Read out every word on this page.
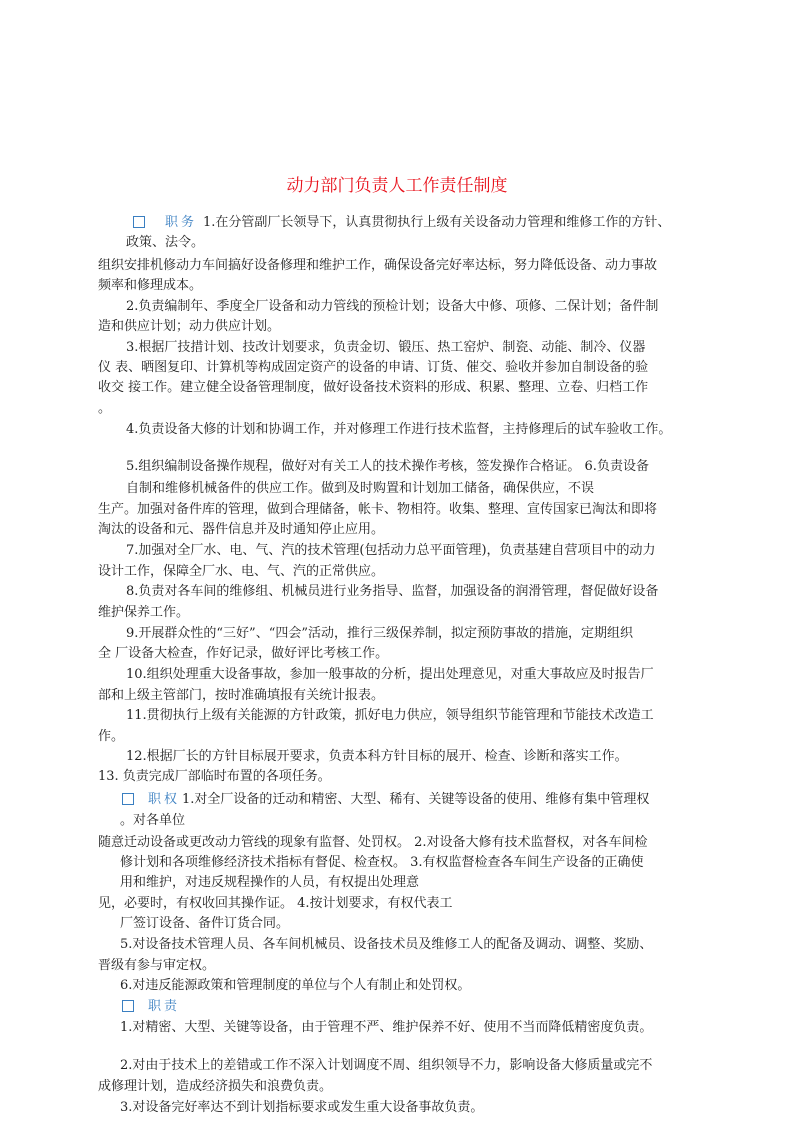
动力部门负责人工作责任制度
职务
职权
职责

1.在分管副厂长领导下，认真贯彻执行上级有关设备动力管理和维修工作的方针、

政策、法令。

组织安排机修动力车间搞好设备修理和维护工作，确保设备完好率达标，努力降低设备、动力事故

频率和修理成本。

2.负责编制年、季度全厂设备和动力管线的预检计划；设备大中修、项修、二保计划；备件制

造和供应计划；动力供应计划。

3.根据厂技措计划、技改计划要求，负责金切、锻压、热工窑炉、制瓷、动能、制冷、仪器

仪 表、晒图复印、计算机等构成固定资产的设备的申请、订货、催交、验收并参加自制设备的验

收交 接工作。建立健全设备管理制度，做好设备技术资料的形成、积累、整理、立卷、归档工作

。

4.负责设备大修的计划和协调工作，并对修理工作进行技术监督，主持修理后的试车验收工作。

5.组织编制设备操作规程，做好对有关工人的技术操作考核，签发操作合格证。 6.负责设备

自制和维修机械备件的供应工作。做到及时购置和计划加工储备，确保供应，不误

生产。加强对备件库的管理，做到合理储备，帐卡、物相符。收集、整理、宣传国家已淘汰和即将

淘汰的设备和元、器件信息并及时通知停止应用。

7.加强对全厂水、电、气、汽的技术管理(包括动力总平面管理)，负责基建自营项目中的动力

设计工作，保障全厂水、电、气、汽的正常供应。

8.负责对各车间的维修组、机械员进行业务指导、监督，加强设备的润滑管理，督促做好设备

维护保养工作。

9.开展群众性的“三好”、“四会”活动，推行三级保养制，拟定预防事故的措施，定期组织

全 厂设备大检查，作好记录，做好评比考核工作。

10.组织处理重大设备事故，参加一般事故的分析，提出处理意见，对重大事故应及时报告厂

部和上级主管部门，按时准确填报有关统计报表。

11.贯彻执行上级有关能源的方针政策，抓好电力供应，领导组织节能管理和节能技术改造工

作。

12.根据厂长的方针目标展开要求，负责本科方针目标的展开、检查、诊断和落实工作。

13. 负责完成厂部临时布置的各项任务。

1.对全厂设备的迁动和精密、大型、稀有、关键等设备的使用、维修有集中管理权

。对各单位

随意迁动设备或更改动力管线的现象有监督、处罚权。 2.对设备大修有技术监督权，对各车间检

修计划和各项维修经济技术指标有督促、检查权。 3.有权监督检查各车间生产设备的正确使

用和维护，对违反规程操作的人员，有权提出处理意

见，必要时，有权收回其操作证。 4.按计划要求，有权代表工

厂签订设备、备件订货合同。

5.对设备技术管理人员、各车间机械员、设备技术员及维修工人的配备及调动、调整、奖励、

晋级有参与审定权。

6.对违反能源政策和管理制度的单位与个人有制止和处罚权。

1.对精密、大型、关键等设备，由于管理不严、维护保养不好、使用不当而降低精密度负责。

2.对由于技术上的差错或工作不深入计划调度不周、组织领导不力，影响设备大修质量或完不

成修理计划，造成经济损失和浪费负责。

3.对设备完好率达不到计划指标要求或发生重大设备事故负责。
